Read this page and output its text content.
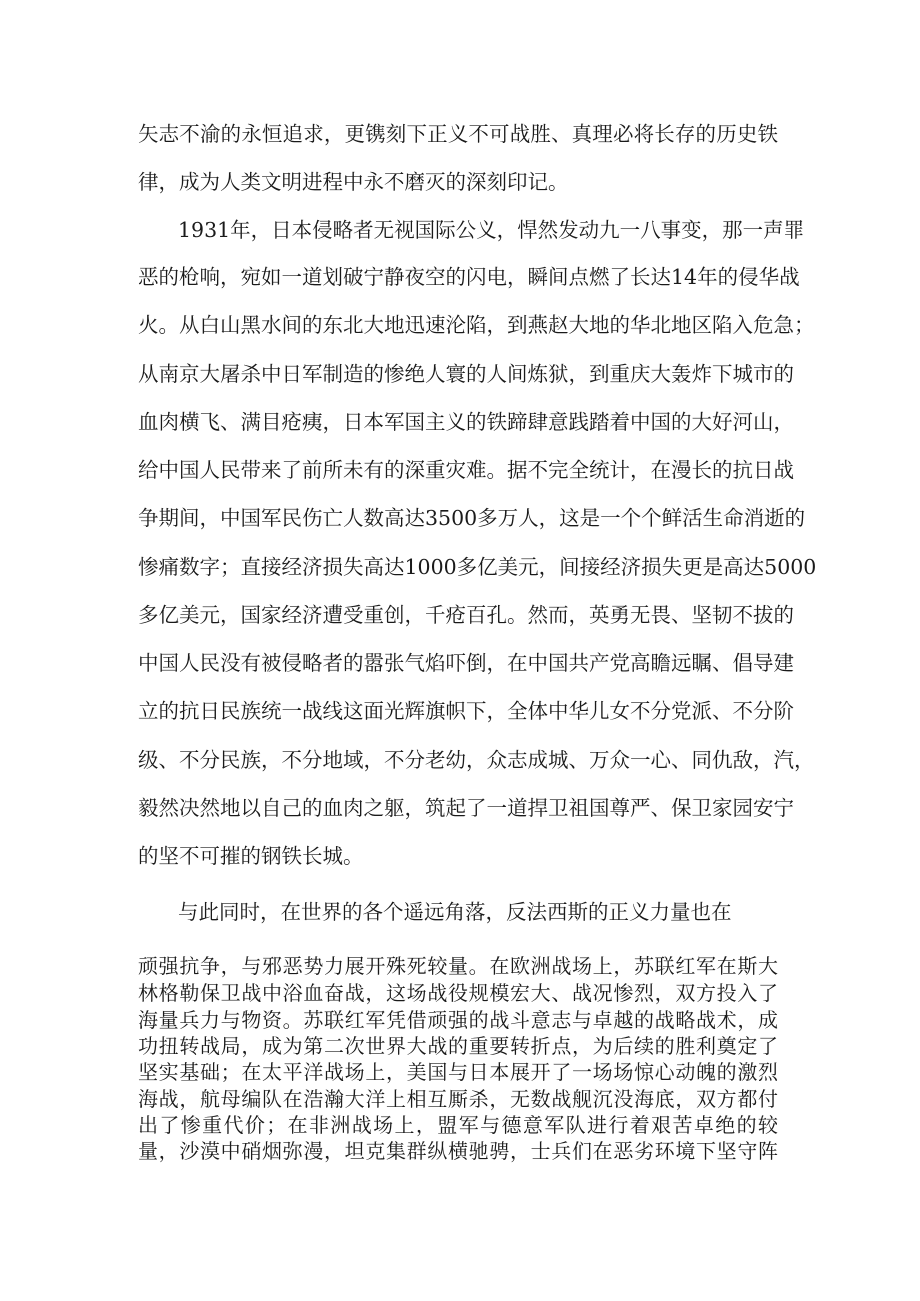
矢志不渝的永恒追求，更镌刻下正义不可战胜、真理必将长存的历史铁
律，成为人类文明进程中永不磨灭的深刻印记。
1931年，日本侵略者无视国际公义，悍然发动九一八事变，那一声罪
恶的枪响，宛如一道划破宁静夜空的闪电，瞬间点燃了长达14年的侵华战
火。从白山黑水间的东北大地迅速沦陷，到燕赵大地的华北地区陷入危急；
从南京大屠杀中日军制造的惨绝人寰的人间炼狱，到重庆大轰炸下城市的
血肉横飞、满目疮痍，日本军国主义的铁蹄肆意践踏着中国的大好河山，
给中国人民带来了前所未有的深重灾难。据不完全统计，在漫长的抗日战
争期间，中国军民伤亡人数高达3500多万人，这是一个个鲜活生命消逝的
惨痛数字；直接经济损失高达1000多亿美元，间接经济损失更是高达5000
多亿美元，国家经济遭受重创，千疮百孔。然而，英勇无畏、坚韧不拔的
中国人民没有被侵略者的嚣张气焰吓倒，在中国共产党高瞻远瞩、倡导建
立的抗日民族统一战线这面光辉旗帜下，全体中华儿女不分党派、不分阶
级、不分民族，不分地域，不分老幼，众志成城、万众一心、同仇敌，汽，
毅然决然地以自己的血肉之躯，筑起了一道捍卫祖国尊严、保卫家园安宁
的坚不可摧的钢铁长城。
与此同时，在世界的各个遥远角落，反法西斯的正义力量也在
顽强抗争，与邪恶势力展开殊死较量。在欧洲战场上，苏联红军在斯大
林格勒保卫战中浴血奋战，这场战役规模宏大、战况惨烈，双方投入了
海量兵力与物资。苏联红军凭借顽强的战斗意志与卓越的战略战术，成
功扭转战局，成为第二次世界大战的重要转折点，为后续的胜利奠定了
坚实基础；在太平洋战场上，美国与日本展开了一场场惊心动魄的激烈
海战，航母编队在浩瀚大洋上相互厮杀，无数战舰沉没海底，双方都付
出了惨重代价；在非洲战场上，盟军与德意军队进行着艰苦卓绝的较
量，沙漠中硝烟弥漫，坦克集群纵横驰骋，士兵们在恶劣环境下坚守阵
